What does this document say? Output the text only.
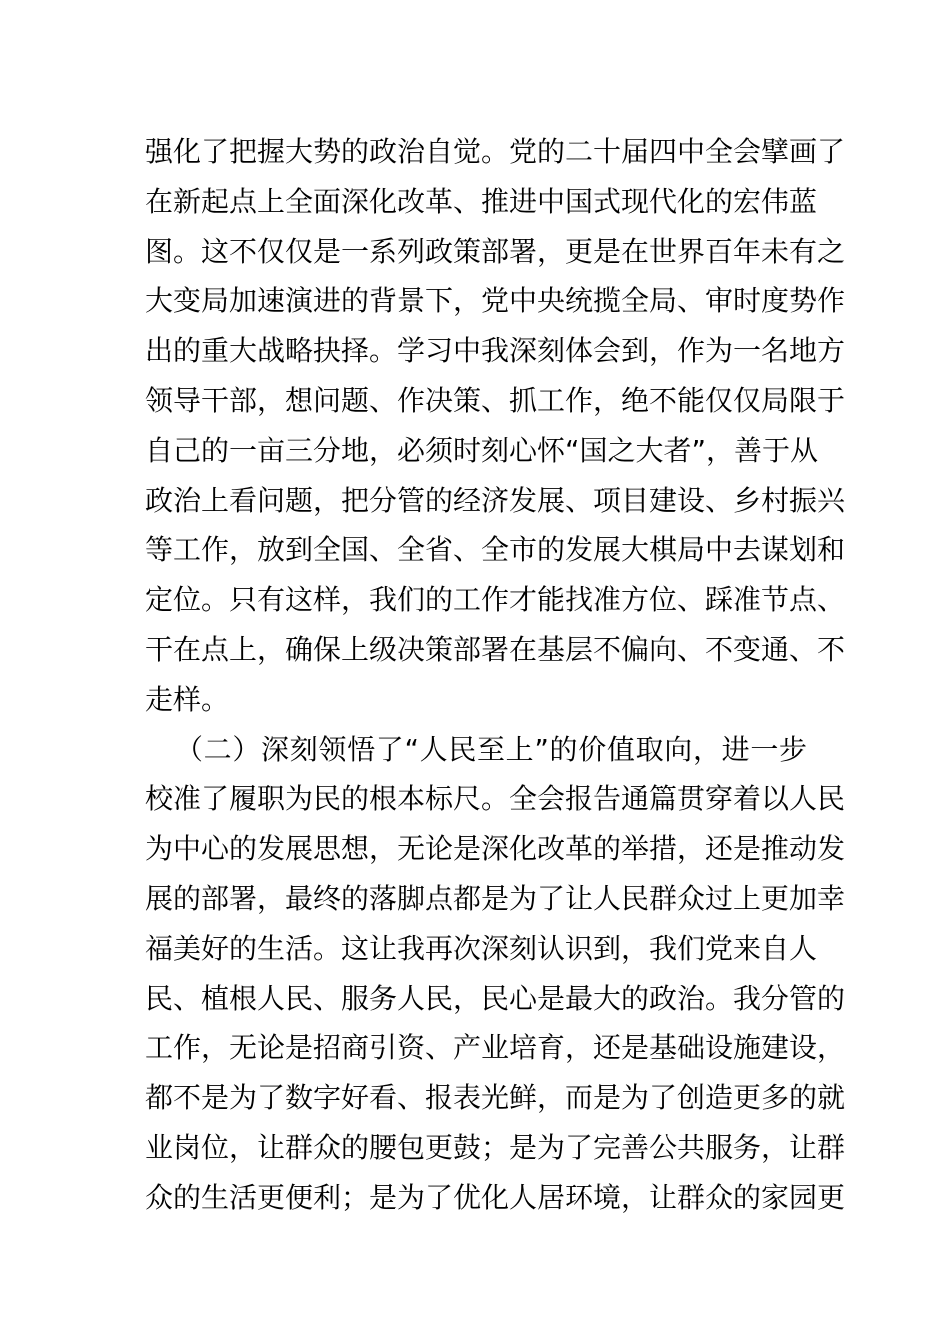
强化了把握大势的政治自觉。党的二十届四中全会擘画了
在新起点上全面深化改革、推进中国式现代化的宏伟蓝
图。这不仅仅是一系列政策部署，更是在世界百年未有之
大变局加速演进的背景下，党中央统揽全局、审时度势作
出的重大战略抉择。学习中我深刻体会到，作为一名地方
领导干部，想问题、作决策、抓工作，绝不能仅仅局限于
自己的一亩三分地，必须时刻心怀“国之大者”，善于从
政治上看问题，把分管的经济发展、项目建设、乡村振兴
等工作，放到全国、全省、全市的发展大棋局中去谋划和
定位。只有这样，我们的工作才能找准方位、踩准节点、
干在点上，确保上级决策部署在基层不偏向、不变通、不
走样。
（二）深刻领悟了“人民至上”的价值取向，进一步
校准了履职为民的根本标尺。全会报告通篇贯穿着以人民
为中心的发展思想，无论是深化改革的举措，还是推动发
展的部署，最终的落脚点都是为了让人民群众过上更加幸
福美好的生活。这让我再次深刻认识到，我们党来自人
民、植根人民、服务人民，民心是最大的政治。我分管的
工作，无论是招商引资、产业培育，还是基础设施建设，
都不是为了数字好看、报表光鲜，而是为了创造更多的就
业岗位，让群众的腰包更鼓；是为了完善公共服务，让群
众的生活更便利；是为了优化人居环境，让群众的家园更
